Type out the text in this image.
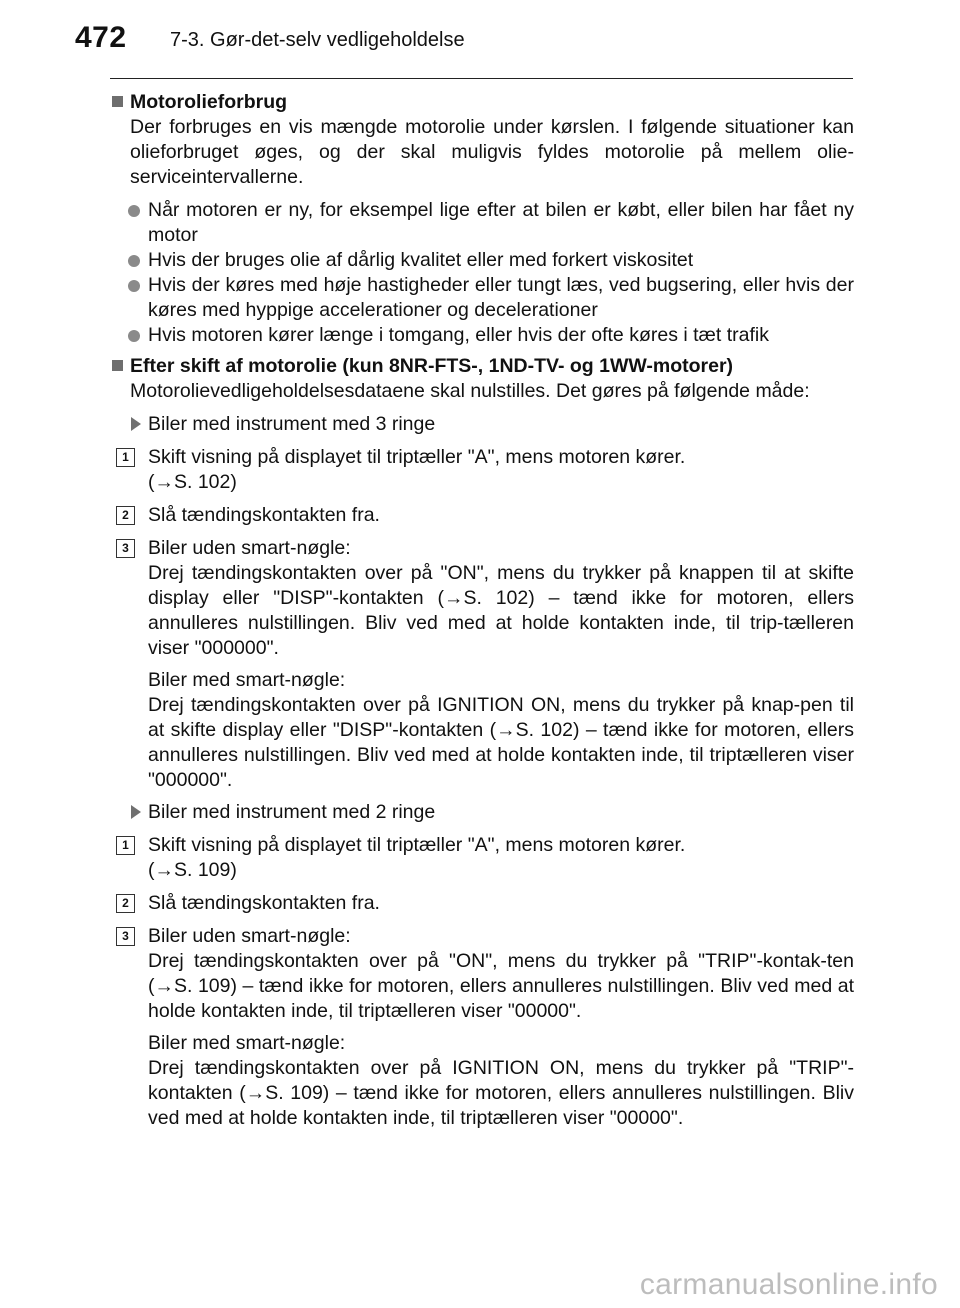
472 7-3. Gør-det-selv vedligeholdelse

Motorolieforbrug

Der forbruges en vis mængde motorolie under kørslen. I følgende situationer kan olieforbruget øges, og der skal muligvis fyldes motorolie på mellem olie-serviceintervallerne.

Når motoren er ny, for eksempel lige efter at bilen er købt, eller bilen har fået ny motor

Hvis der bruges olie af dårlig kvalitet eller med forkert viskositet

Hvis der køres med høje hastigheder eller tungt læs, ved bugsering, eller hvis der køres med hyppige accelerationer og decelerationer

Hvis motoren kører længe i tomgang, eller hvis der ofte køres i tæt trafik

Efter skift af motorolie (kun 8NR-FTS-, 1ND-TV- og 1WW-motorer)

Motorolievedligeholdelsesdataene skal nulstilles. Det gøres på følgende måde:

Biler med instrument med 3 ringe

1 Skift visning på displayet til triptæller "A", mens motoren kører.
(→S. 102)

2 Slå tændingskontakten fra.

3 Biler uden smart-nøgle:
Drej tændingskontakten over på "ON", mens du trykker på knappen til at skifte display eller "DISP"-kontakten (→S. 102) – tænd ikke for motoren, ellers annulleres nulstillingen. Bliv ved med at holde kontakten inde, til trip-tælleren viser "000000".

Biler med smart-nøgle:
Drej tændingskontakten over på IGNITION ON, mens du trykker på knap-pen til at skifte display eller "DISP"-kontakten (→S. 102) – tænd ikke for motoren, ellers annulleres nulstillingen. Bliv ved med at holde kontakten inde, til triptælleren viser "000000".

Biler med instrument med 2 ringe

1 Skift visning på displayet til triptæller "A", mens motoren kører.
(→S. 109)

2 Slå tændingskontakten fra.

3 Biler uden smart-nøgle:
Drej tændingskontakten over på "ON", mens du trykker på "TRIP"-kontak-ten (→S. 109) – tænd ikke for motoren, ellers annulleres nulstillingen. Bliv ved med at holde kontakten inde, til triptælleren viser "00000".

Biler med smart-nøgle:
Drej tændingskontakten over på IGNITION ON, mens du trykker på "TRIP"-kontakten (→S. 109) – tænd ikke for motoren, ellers annulleres nulstillingen. Bliv ved med at holde kontakten inde, til triptælleren viser "00000".

carmanualsonline.info
